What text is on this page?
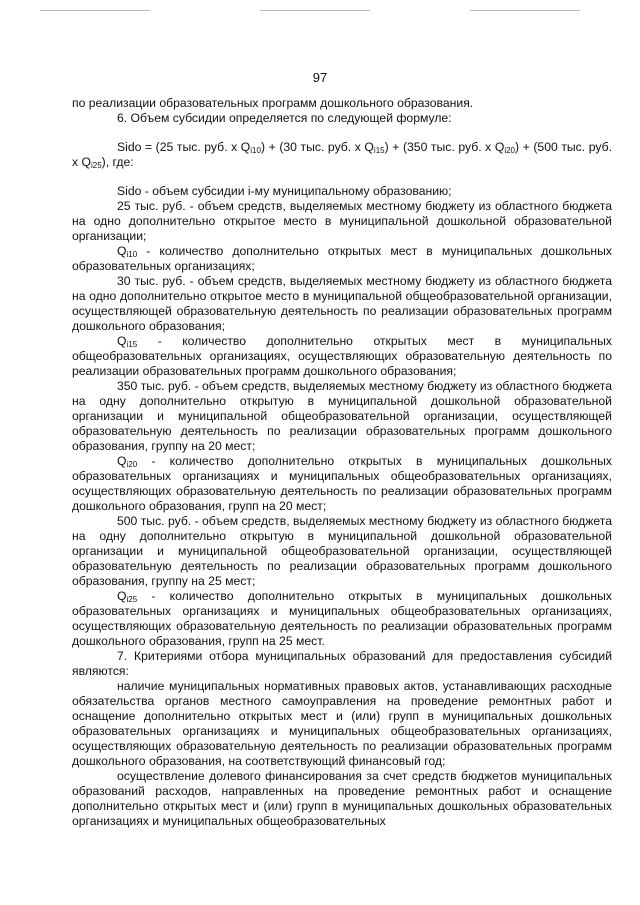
97

по реализации образовательных программ дошкольного образования.

6. Объем субсидии определяется по следующей формуле:

Sido = (25 тыс. руб. x $Q_{i10}) + (30$ тыс. руб. x $Q_{i15}) + (350$ тыс. руб. x $Q_{i20}) + (500$ тыс. руб. x $Q_{i25}$), где:

Sido - объем субсидии i-му муниципальному образованию;

25 тыс. руб. - объем средств, выделяемых местному бюджету из областного бюджета на одно дополнительно открытое место в муниципальной дошкольной образовательной организации;

$Q_{i10}$ - количество дополнительно открытых мест в муниципальных дошкольных образовательных организациях;

30 тыс. руб. - объем средств, выделяемых местному бюджету из областного бюджета на одно дополнительно открытое место в муниципальной общеобразовательной организации, осуществляющей образовательную деятельность по реализации образовательных программ дошкольного образования;

$Q_{i15}$ - количество дополнительно открытых мест в муниципальных общеобразовательных организациях, осуществляющих образовательную деятельность по реализации образовательных программ дошкольного образования;

350 тыс. руб. - объем средств, выделяемых местному бюджету из областного бюджета на одну дополнительно открытую в муниципальной дошкольной образовательной организации и муниципальной общеобразовательной организации, осуществляющей образовательную деятельность по реализации образовательных программ дошкольного образования, группу на 20 мест;

$Q_{i20}$ - количество дополнительно открытых в муниципальных дошкольных образовательных организациях и муниципальных общеобразовательных организациях, осуществляющих образовательную деятельность по реализации образовательных программ дошкольного образования, групп на 20 мест;

500 тыс. руб. - объем средств, выделяемых местному бюджету из областного бюджета на одну дополнительно открытую в муниципальной дошкольной образовательной организации и муниципальной общеобразовательной организации, осуществляющей образовательную деятельность по реализации образовательных программ дошкольного образования, группу на 25 мест;

$Q_{i25}$ - количество дополнительно открытых в муниципальных дошкольных образовательных организациях и муниципальных общеобразовательных организациях, осуществляющих образовательную деятельность по реализации образовательных программ дошкольного образования, групп на 25 мест.

7. Критериями отбора муниципальных образований для предоставления субсидий являются:

наличие муниципальных нормативных правовых актов, устанавливающих расходные обязательства органов местного самоуправления на проведение ремонтных работ и оснащение дополнительно открытых мест и (или) групп в муниципальных дошкольных образовательных организациях и муниципальных общеобразовательных организациях, осуществляющих образовательную деятельность по реализации образовательных программ дошкольного образования, на соответствующий финансовый год;

осуществление долевого финансирования за счет средств бюджетов муниципальных образований расходов, направленных на проведение ремонтных работ и оснащение дополнительно открытых мест и (или) групп в муниципальных дошкольных образовательных организациях и муниципальных общеобразовательных
